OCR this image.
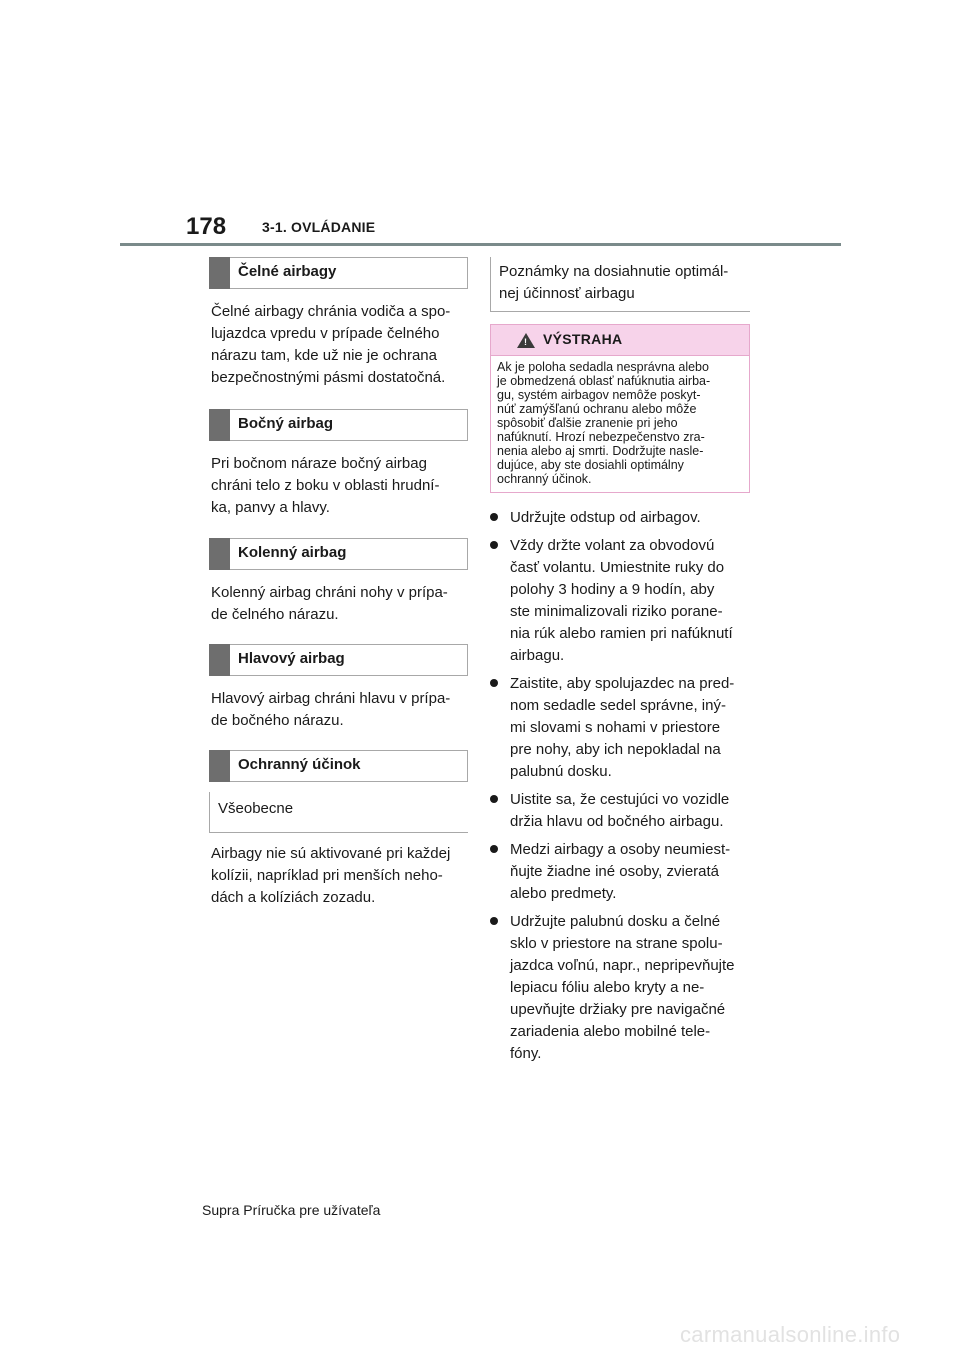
178	3-1. OVLÁDANIE
Čelné airbagy

Čelné airbagy chránia vodiča a spo-
lujazdca vpredu v prípade čelného
nárazu tam, kde už nie je ochrana
bezpečnostnými pásmi dostatočná.

Bočný airbag

Pri bočnom náraze bočný airbag
chráni telo z boku v oblasti hrudní-
ka, panvy a hlavy.

Kolenný airbag

Kolenný airbag chráni nohy v prípa-
de čelného nárazu.

Hlavový airbag

Hlavový airbag chráni hlavu v prípa-
de bočného nárazu.

Ochranný účinok
Všeobecne

Airbagy nie sú aktivované pri každej
kolízii, napríklad pri menších neho-
dách a kolíziách zozadu.

Poznámky na dosiahnutie optimál-
nej účinnosť airbagu
! VÝSTRAHA
Ak je poloha sedadla nesprávna alebo
je obmedzená oblasť nafúknutia airba-
gu, systém airbagov nemôže poskyt-
núť zamýšľanú ochranu alebo môže
spôsobiť ďalšie zranenie pri jeho
nafúknutí. Hrozí nebezpečenstvo zra-
nenia alebo aj smrti. Dodržujte nasle-
dujúce, aby ste dosiahli optimálny
ochranný účinok.
Udržujte odstup od airbagov.
Vždy držte volant za obvodovú
časť volantu. Umiestnite ruky do
polohy 3 hodiny a 9 hodín, aby
ste minimalizovali riziko porane-
nia rúk alebo ramien pri nafúknutí
airbagu.
Zaistite, aby spolujazdec na pred-
nom sedadle sedel správne, iný-
mi slovami s nohami v priestore
pre nohy, aby ich nepokladal na
palubnú dosku.
Uistite sa, že cestujúci vo vozidle
držia hlavu od bočného airbagu.
Medzi airbagy a osoby neumiest-
ňujte žiadne iné osoby, zvieratá
alebo predmety.
Udržujte palubnú dosku a čelné
sklo v priestore na strane spolu-
jazdca voľnú, napr., nepripevňujte
lepiacu fóliu alebo kryty a ne-
upevňujte držiaky pre navigačné
zariadenia alebo mobilné tele-
fóny.
Supra Príručka pre užívateľa
carmanualsonline.info
